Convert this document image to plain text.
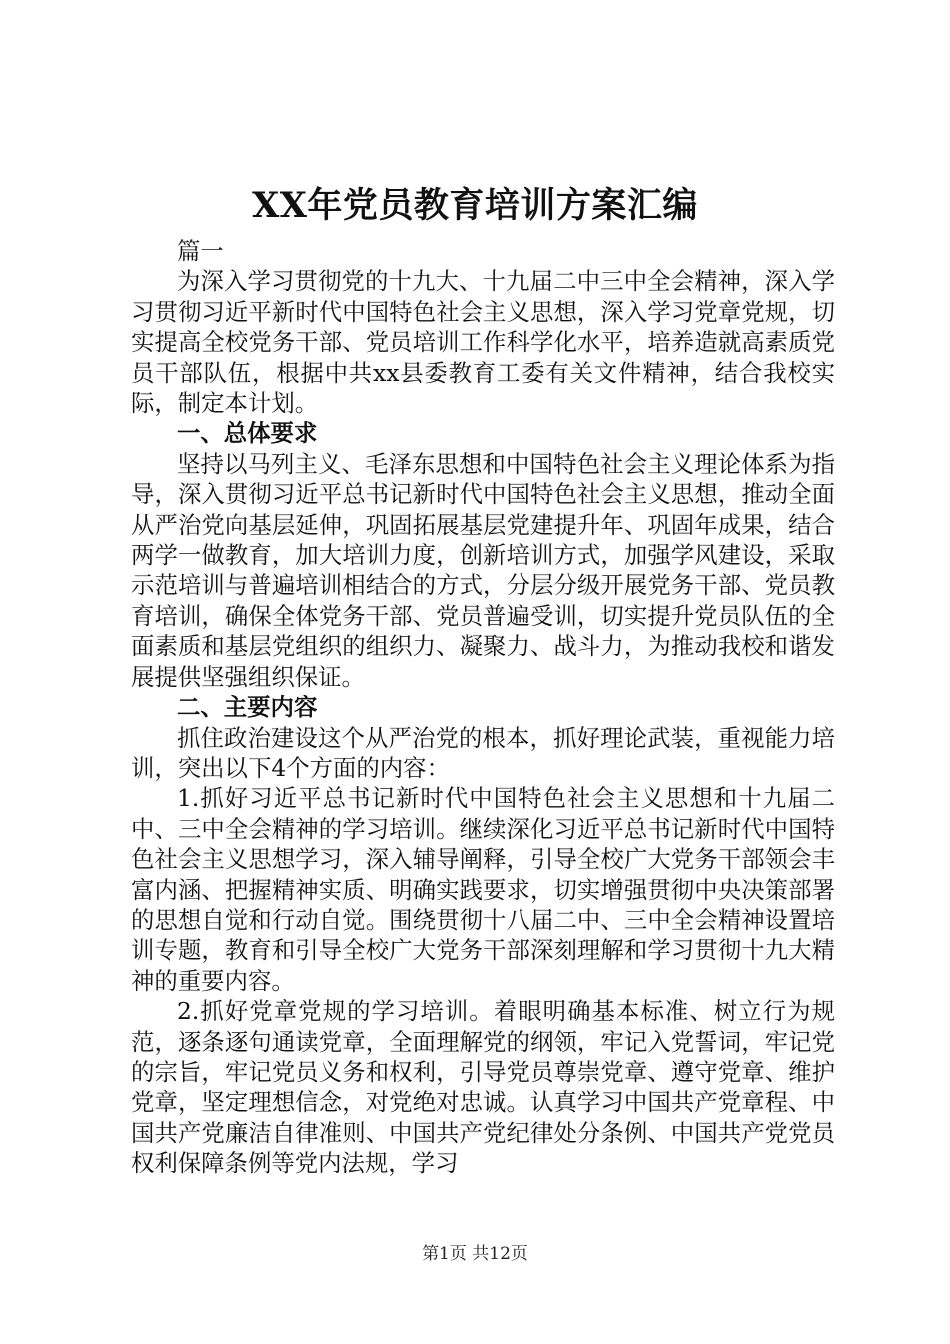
XX年党员教育培训方案汇编

篇一

为深入学习贯彻党的十九大、十九届二中三中全会精神，深入学习贯彻习近平新时代中国特色社会主义思想，深入学习党章党规，切实提高全校党务干部、党员培训工作科学化水平，培养造就高素质党员干部队伍，根据中共xx县委教育工委有关文件精神，结合我校实际，制定本计划。

一、总体要求

坚持以马列主义、毛泽东思想和中国特色社会主义理论体系为指导，深入贯彻习近平总书记新时代中国特色社会主义思想，推动全面从严治党向基层延伸，巩固拓展基层党建提升年、巩固年成果，结合两学一做教育，加大培训力度，创新培训方式，加强学风建设，采取示范培训与普遍培训相结合的方式，分层分级开展党务干部、党员教育培训，确保全体党务干部、党员普遍受训，切实提升党员队伍的全面素质和基层党组织的组织力、凝聚力、战斗力，为推动我校和谐发展提供坚强组织保证。

二、主要内容

抓住政治建设这个从严治党的根本，抓好理论武装，重视能力培训，突出以下4个方面的内容：

1.抓好习近平总书记新时代中国特色社会主义思想和十九届二中、三中全会精神的学习培训。继续深化习近平总书记新时代中国特色社会主义思想学习，深入辅导阐释，引导全校广大党务干部领会丰富内涵、把握精神实质、明确实践要求，切实增强贯彻中央决策部署的思想自觉和行动自觉。围绕贯彻十八届二中、三中全会精神设置培训专题，教育和引导全校广大党务干部深刻理解和学习贯彻十九大精神的重要内容。

2.抓好党章党规的学习培训。着眼明确基本标准、树立行为规范，逐条逐句通读党章，全面理解党的纲领，牢记入党誓词，牢记党的宗旨，牢记党员义务和权利，引导党员尊崇党章、遵守党章、维护党章，坚定理想信念，对党绝对忠诚。认真学习中国共产党章程、中国共产党廉洁自律准则、中国共产党纪律处分条例、中国共产党党员权利保障条例等党内法规，学习

第1页 共12页
